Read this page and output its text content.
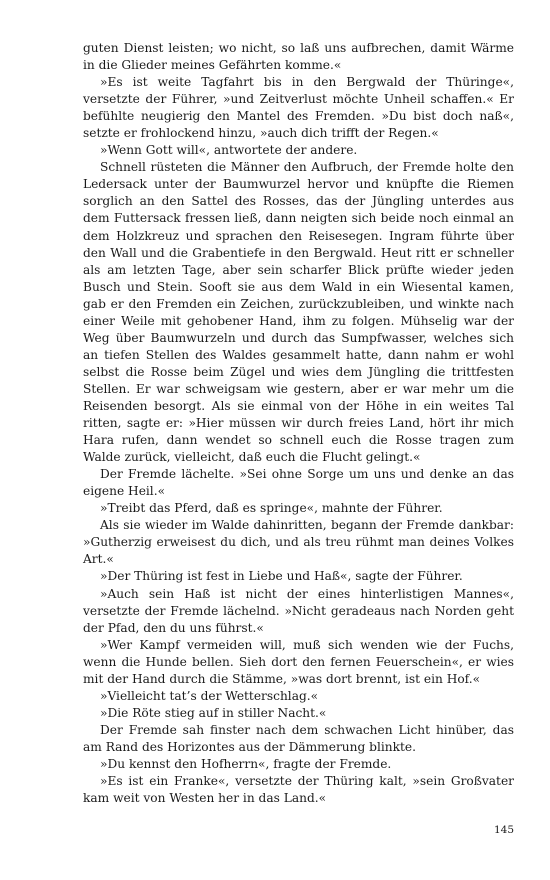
guten Dienst leisten; wo nicht, so laß uns aufbrechen, damit Wärme in die Glieder meines Gefährten komme.«

»Es ist weite Tagfahrt bis in den Bergwald der Thüringe«, versetzte der Führer, »und Zeitverlust möchte Unheil schaffen.« Er befühlte neugierig den Mantel des Fremden. »Du bist doch naß«, setzte er frohlockend hinzu, »auch dich trifft der Regen.«

»Wenn Gott will«, antwortete der andere.

Schnell rüsteten die Männer den Aufbruch, der Fremde holte den Ledersack unter der Baumwurzel hervor und knüpfte die Riemen sorglich an den Sattel des Rosses, das der Jüngling unterdes aus dem Futtersack fressen ließ, dann neigten sich beide noch einmal an dem Holzkreuz und sprachen den Reisesegen. Ingram führte über den Wall und die Grabentiefe in den Bergwald. Heut ritt er schneller als am letzten Tage, aber sein scharfer Blick prüfte wieder jeden Busch und Stein. Sooft sie aus dem Wald in ein Wiesental kamen, gab er den Fremden ein Zeichen, zurückzubleiben, und winkte nach einer Weile mit gehobener Hand, ihm zu folgen. Mühselig war der Weg über Baumwurzeln und durch das Sumpfwasser, welches sich an tiefen Stellen des Waldes gesammelt hatte, dann nahm er wohl selbst die Rosse beim Zügel und wies dem Jüngling die trittfesten Stellen. Er war schweigsam wie gestern, aber er war mehr um die Reisenden besorgt. Als sie einmal von der Höhe in ein weites Tal ritten, sagte er: »Hier müssen wir durch freies Land, hört ihr mich Hara rufen, dann wendet so schnell euch die Rosse tragen zum Walde zurück, vielleicht, daß euch die Flucht gelingt.«

Der Fremde lächelte. »Sei ohne Sorge um uns und denke an das eigene Heil.«

»Treibt das Pferd, daß es springe«, mahnte der Führer.

Als sie wieder im Walde dahinritten, begann der Fremde dankbar: »Gutherzig erweisest du dich, und als treu rühmt man deines Volkes Art.«

»Der Thüring ist fest in Liebe und Haß«, sagte der Führer.

»Auch sein Haß ist nicht der eines hinterlistigen Mannes«, versetzte der Fremde lächelnd. »Nicht geradeaus nach Norden geht der Pfad, den du uns führst.«

»Wer Kampf vermeiden will, muß sich wenden wie der Fuchs, wenn die Hunde bellen. Sieh dort den fernen Feuerschein«, er wies mit der Hand durch die Stämme, »was dort brennt, ist ein Hof.«

»Vielleicht tat’s der Wetterschlag.«

»Die Röte stieg auf in stiller Nacht.«

Der Fremde sah finster nach dem schwachen Licht hinüber, das am Rand des Horizontes aus der Dämmerung blinkte.

»Du kennst den Hofherrn«, fragte der Fremde.

»Es ist ein Franke«, versetzte der Thüring kalt, »sein Großvater kam weit von Westen her in das Land.«

145
